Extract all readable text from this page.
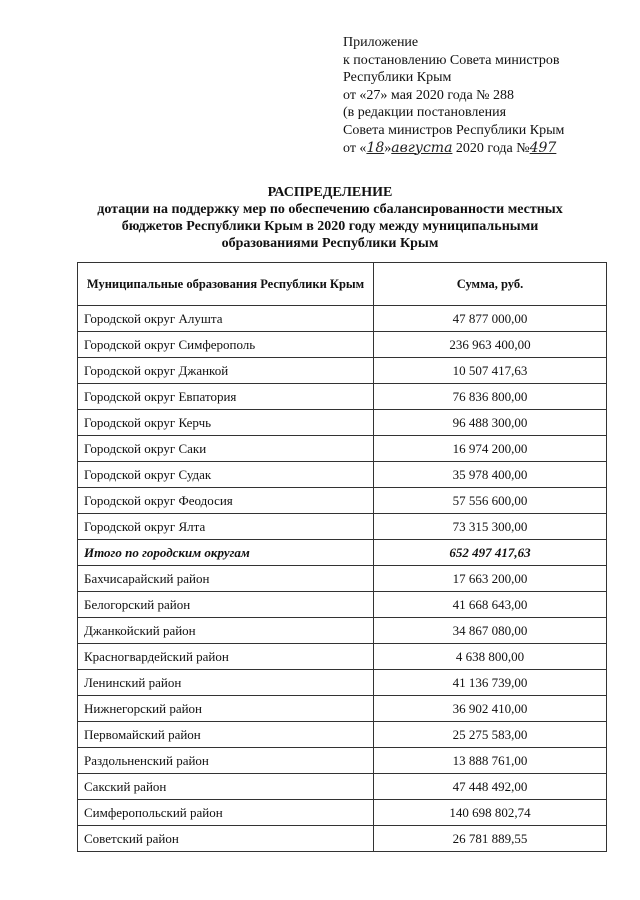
Приложение
к постановлению Совета министров
Республики Крым
от «27» мая 2020 года № 288
(в редакции постановления
Совета министров Республики Крым
от «18»августа 2020 года №497
РАСПРЕДЕЛЕНИЕ
дотации на поддержку мер по обеспечению сбалансированности местных
бюджетов Республики Крым в 2020 году между муниципальными
образованиями Республики Крым
Муниципальные образования Республики Крым	Сумма, руб.
Городской округ Алушта	47 877 000,00
Городской округ Симферополь	236 963 400,00
Городской округ Джанкой	10 507 417,63
Городской округ Евпатория	76 836 800,00
Городской округ Керчь	96 488 300,00
Городской округ Саки	16 974 200,00
Городской округ Судак	35 978 400,00
Городской округ Феодосия	57 556 600,00
Городской округ Ялта	73 315 300,00
Итого по городским округам	652 497 417,63
Бахчисарайский район	17 663 200,00
Белогорский район	41 668 643,00
Джанкойский район	34 867 080,00
Красногвардейский район	4 638 800,00
Ленинский район	41 136 739,00
Нижнегорский район	36 902 410,00
Первомайский район	25 275 583,00
Раздольненский район	13 888 761,00
Сакский район	47 448 492,00
Симферопольский район	140 698 802,74
Советский район	26 781 889,55
